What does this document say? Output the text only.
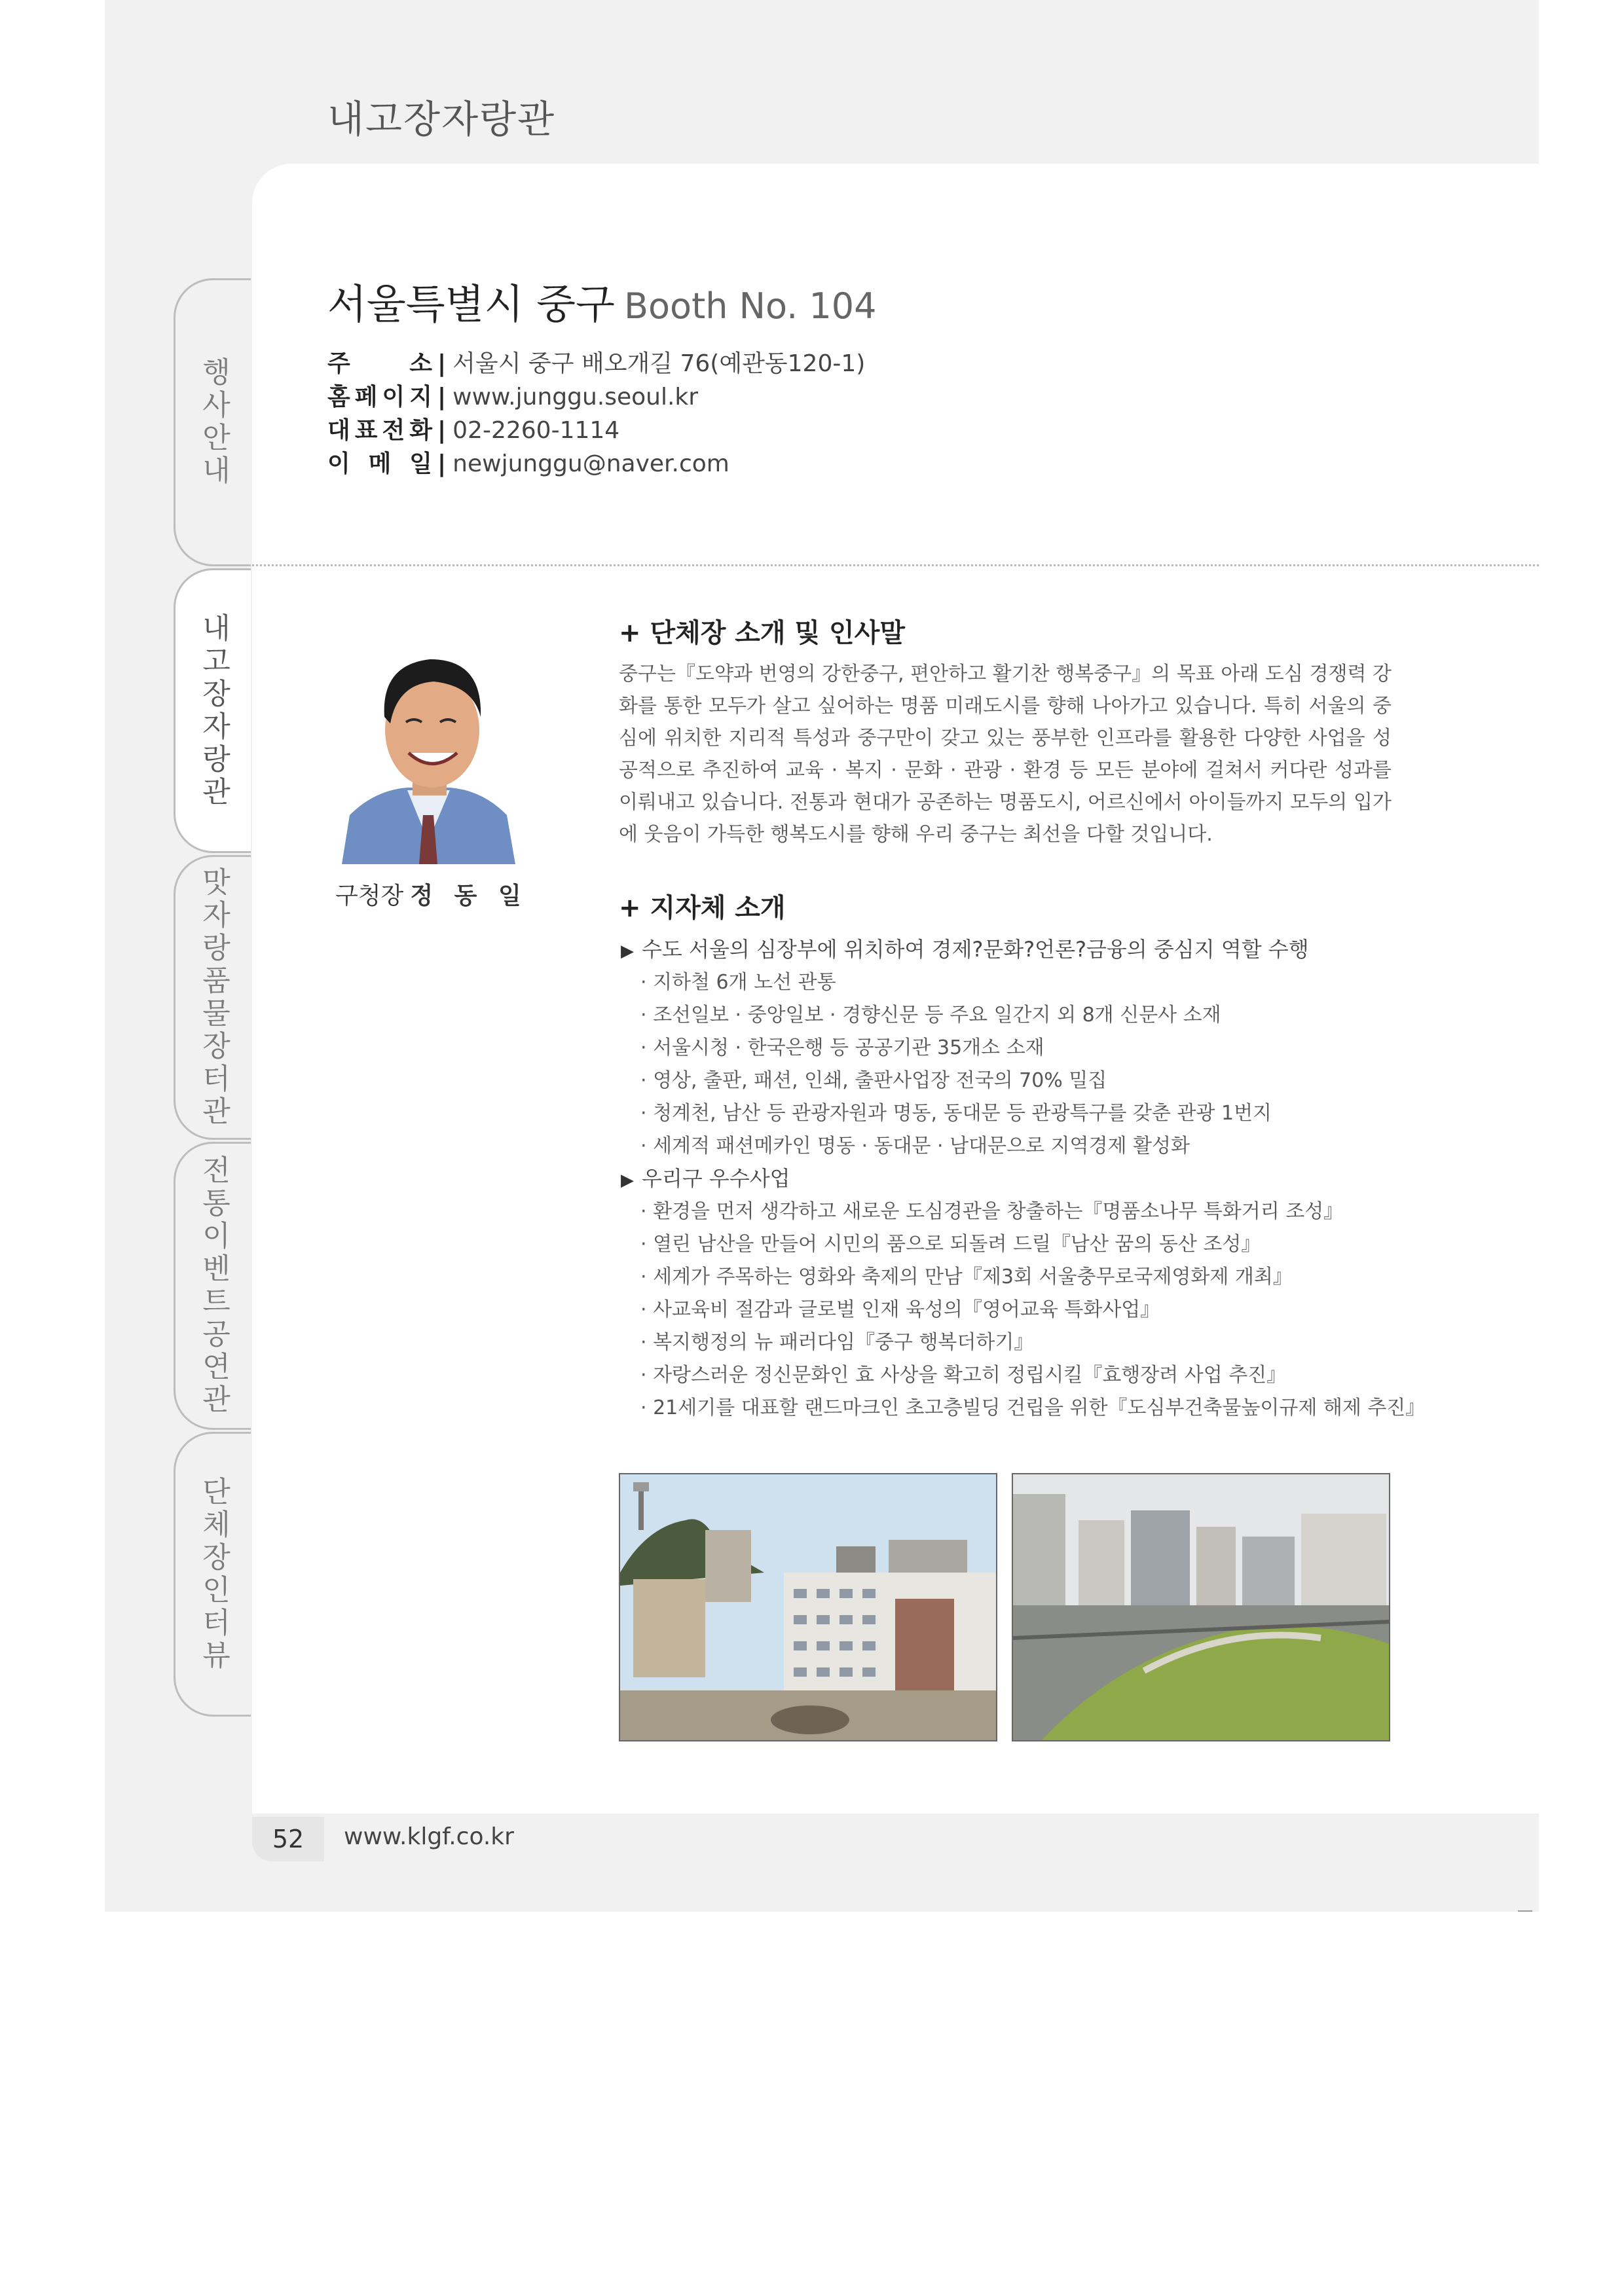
내고장자랑관
행사안내
내고장자랑관
맛자랑품물장터관
전통이벤트공연관
단체장인터뷰
서울특별시 중구 Booth No. 104
주	소 | 서울시 중구 배오개길 76(예관동120-1)
홈 페 이 지 | www.junggu.seoul.kr
대 표 전 화 | 02-2260-1114
이 메 일 | newjunggu@naver.com
구청장 정 동 일
+ 단체장 소개 및 인사말
중구는『도약과 번영의 강한중구, 편안하고 활기찬 행복중구』의 목표 아래 도심 경쟁력 강화를 통한 모두가 살고 싶어하는 명품 미래도시를 향해 나아가고 있습니다. 특히 서울의 중심에 위치한 지리적 특성과 중구만이 갖고 있는 풍부한 인프라를 활용한 다양한 사업을 성공적으로 추진하여 교육 · 복지 · 문화 · 관광 · 환경 등 모든 분야에 걸쳐서 커다란 성과를 이뤄내고 있습니다. 전통과 현대가 공존하는 명품도시, 어르신에서 아이들까지 모두의 입가에 웃음이 가득한 행복도시를 향해 우리 중구는 최선을 다할 것입니다.
+ 지자체 소개
▶ 수도 서울의 심장부에 위치하여 경제?문화?언론?금융의 중심지 역할 수행
· 지하철 6개 노선 관통
· 조선일보 · 중앙일보 · 경향신문 등 주요 일간지 외 8개 신문사 소재
· 서울시청 · 한국은행 등 공공기관 35개소 소재
· 영상, 출판, 패션, 인쇄, 출판사업장 전국의 70% 밀집
· 청계천, 남산 등 관광자원과 명동, 동대문 등 관광특구를 갖춘 관광 1번지
· 세계적 패션메카인 명동 · 동대문 · 남대문으로 지역경제 활성화
▶ 우리구 우수사업
· 환경을 먼저 생각하고 새로운 도심경관을 창출하는『명품소나무 특화거리 조성』
· 열린 남산을 만들어 시민의 품으로 되돌려 드릴『남산 꿈의 동산 조성』
· 세계가 주목하는 영화와 축제의 만남『제3회 서울충무로국제영화제 개최』
· 사교육비 절감과 글로벌 인재 육성의『영어교육 특화사업』
· 복지행정의 뉴 패러다임『중구 행복더하기』
· 자랑스러운 정신문화인 효 사상을 확고히 정립시킬『효행장려 사업 추진』
· 21세기를 대표할 랜드마크인 초고층빌딩 건립을 위한『도심부건축물높이규제 해제 추진』
52	www.klgf.co.kr
